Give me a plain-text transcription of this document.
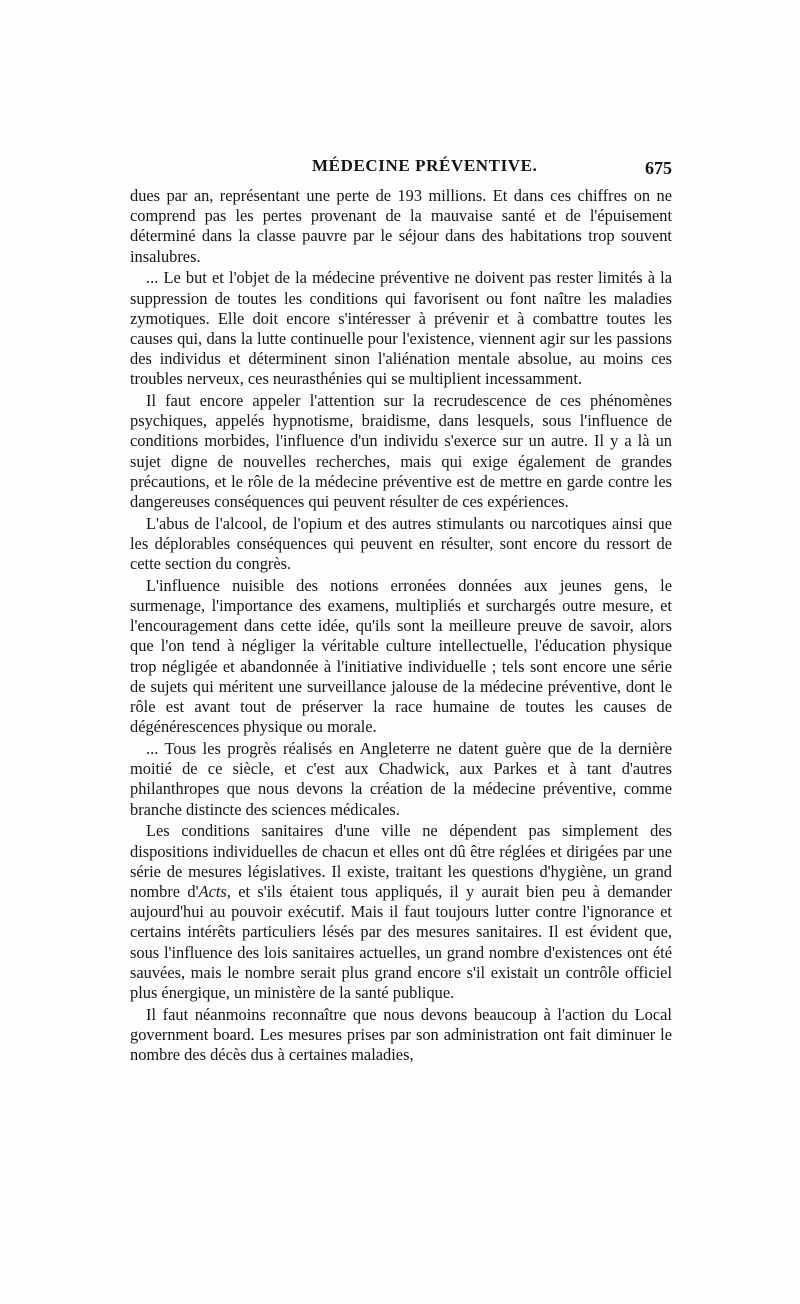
MÉDECINE PRÉVENTIVE.	675

dues par an, représentant une perte de 193 millions. Et dans ces chiffres on ne comprend pas les pertes provenant de la mauvaise santé et de l'épuisement déterminé dans la classe pauvre par le séjour dans des habitations trop souvent insalubres.

... Le but et l'objet de la médecine préventive ne doivent pas rester limités à la suppression de toutes les conditions qui favorisent ou font naître les maladies zymotiques. Elle doit encore s'intéresser à prévenir et à combattre toutes les causes qui, dans la lutte continuelle pour l'existence, viennent agir sur les passions des individus et déterminent sinon l'aliénation mentale absolue, au moins ces troubles nerveux, ces neurasthénies qui se multiplient incessamment.

Il faut encore appeler l'attention sur la recrudescence de ces phénomènes psychiques, appelés hypnotisme, braidisme, dans lesquels, sous l'influence de conditions morbides, l'influence d'un individu s'exerce sur un autre. Il y a là un sujet digne de nouvelles recherches, mais qui exige également de grandes précautions, et le rôle de la médecine préventive est de mettre en garde contre les dangereuses conséquences qui peuvent résulter de ces expériences.

L'abus de l'alcool, de l'opium et des autres stimulants ou narcotiques ainsi que les déplorables conséquences qui peuvent en résulter, sont encore du ressort de cette section du congrès.

L'influence nuisible des notions erronées données aux jeunes gens, le surmenage, l'importance des examens, multipliés et surchargés outre mesure, et l'encouragement dans cette idée, qu'ils sont la meilleure preuve de savoir, alors que l'on tend à négliger la véritable culture intellectuelle, l'éducation physique trop négligée et abandonnée à l'initiative individuelle ; tels sont encore une série de sujets qui méritent une surveillance jalouse de la médecine préventive, dont le rôle est avant tout de préserver la race humaine de toutes les causes de dégénérescences physique ou morale.

... Tous les progrès réalisés en Angleterre ne datent guère que de la dernière moitié de ce siècle, et c'est aux Chadwick, aux Parkes et à tant d'autres philanthropes que nous devons la création de la médecine préventive, comme branche distincte des sciences médicales.

Les conditions sanitaires d'une ville ne dépendent pas simplement des dispositions individuelles de chacun et elles ont dû être réglées et dirigées par une série de mesures législatives. Il existe, traitant les questions d'hygiène, un grand nombre d'Acts, et s'ils étaient tous appliqués, il y aurait bien peu à demander aujourd'hui au pouvoir exécutif. Mais il faut toujours lutter contre l'ignorance et certains intérêts particuliers lésés par des mesures sanitaires. Il est évident que, sous l'influence des lois sanitaires actuelles, un grand nombre d'existences ont été sauvées, mais le nombre serait plus grand encore s'il existait un contrôle officiel plus énergique, un ministère de la santé publique.

Il faut néanmoins reconnaître que nous devons beaucoup à l'action du Local government board. Les mesures prises par son administration ont fait diminuer le nombre des décès dus à certaines maladies,
